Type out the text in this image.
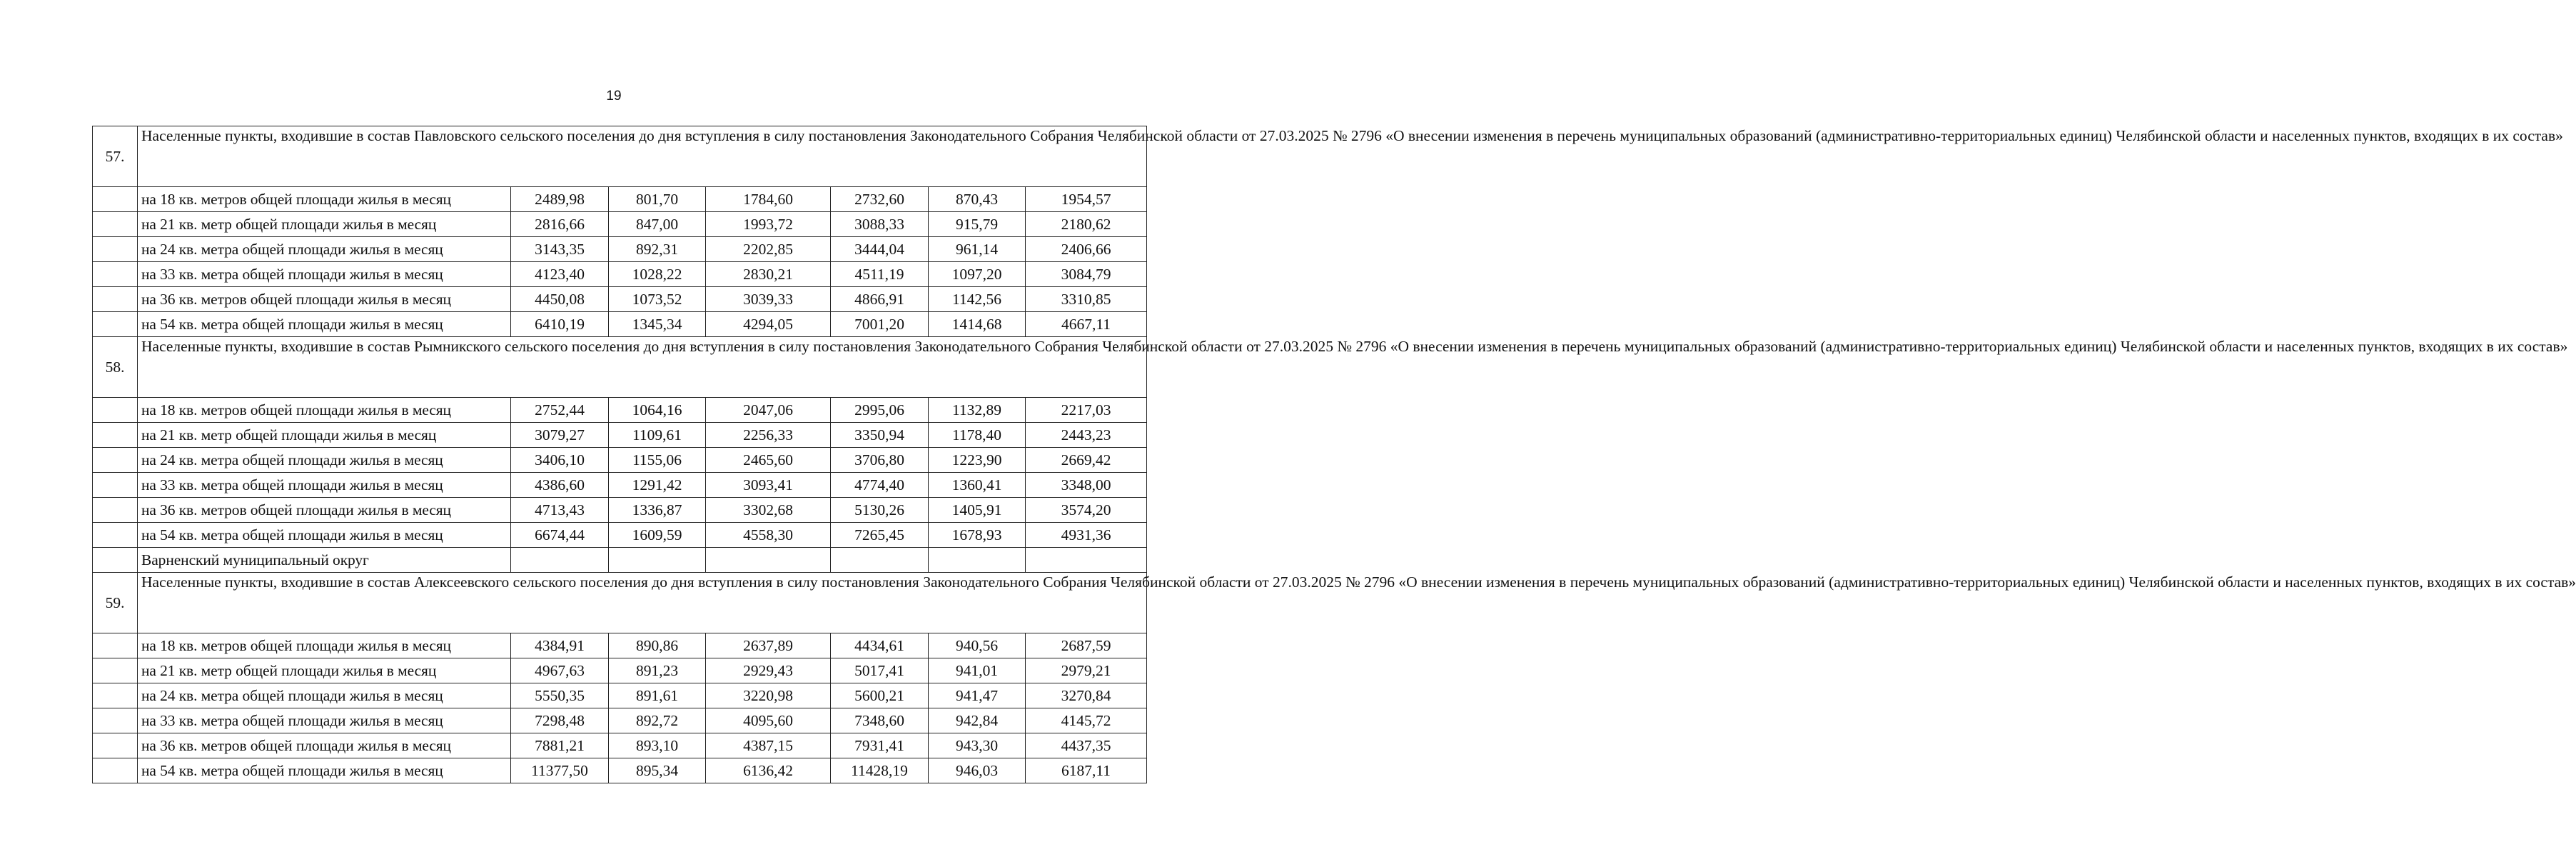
19
57.	Населенные пункты, входившие в состав Павловского сельского поселения до дня вступления в силу постановления Законодательного Собрания Челябинской области от 27.03.2025 № 2796 «О внесении изменения в перечень муниципальных образований (административно-территориальных единиц) Челябинской области и населенных пунктов, входящих в их состав»						
	на 18 кв. метров общей площади жилья в месяц	2489,98	801,70	1784,60	2732,60	870,43	1954,57
	на 21 кв. метр общей площади жилья в месяц	2816,66	847,00	1993,72	3088,33	915,79	2180,62
	на 24 кв. метра общей площади жилья в месяц	3143,35	892,31	2202,85	3444,04	961,14	2406,66
	на 33 кв. метра общей площади жилья в месяц	4123,40	1028,22	2830,21	4511,19	1097,20	3084,79
	на 36 кв. метров общей площади жилья в месяц	4450,08	1073,52	3039,33	4866,91	1142,56	3310,85
	на 54 кв. метра общей площади жилья в месяц	6410,19	1345,34	4294,05	7001,20	1414,68	4667,11
58.	Населенные пункты, входившие в состав Рымникского сельского поселения до дня вступления в силу постановления Законодательного Собрания Челябинской области от 27.03.2025 № 2796 «О внесении изменения в перечень муниципальных образований (административно-территориальных единиц) Челябинской области и населенных пунктов, входящих в их состав»						
	на 18 кв. метров общей площади жилья в месяц	2752,44	1064,16	2047,06	2995,06	1132,89	2217,03
	на 21 кв. метр общей площади жилья в месяц	3079,27	1109,61	2256,33	3350,94	1178,40	2443,23
	на 24 кв. метра общей площади жилья в месяц	3406,10	1155,06	2465,60	3706,80	1223,90	2669,42
	на 33 кв. метра общей площади жилья в месяц	4386,60	1291,42	3093,41	4774,40	1360,41	3348,00
	на 36 кв. метров общей площади жилья в месяц	4713,43	1336,87	3302,68	5130,26	1405,91	3574,20
	на 54 кв. метра общей площади жилья в месяц	6674,44	1609,59	4558,30	7265,45	1678,93	4931,36
	Варненский муниципальный округ						
59.	Населенные пункты, входившие в состав Алексеевского сельского поселения до дня вступления в силу постановления Законодательного Собрания Челябинской области от 27.03.2025 № 2796 «О внесении изменения в перечень муниципальных образований (административно-территориальных единиц) Челябинской области и населенных пунктов, входящих в их состав»						
	на 18 кв. метров общей площади жилья в месяц	4384,91	890,86	2637,89	4434,61	940,56	2687,59
	на 21 кв. метр общей площади жилья в месяц	4967,63	891,23	2929,43	5017,41	941,01	2979,21
	на 24 кв. метра общей площади жилья в месяц	5550,35	891,61	3220,98	5600,21	941,47	3270,84
	на 33 кв. метра общей площади жилья в месяц	7298,48	892,72	4095,60	7348,60	942,84	4145,72
	на 36 кв. метров общей площади жилья в месяц	7881,21	893,10	4387,15	7931,41	943,30	4437,35
	на 54 кв. метра общей площади жилья в месяц	11377,50	895,34	6136,42	11428,19	946,03	6187,11
